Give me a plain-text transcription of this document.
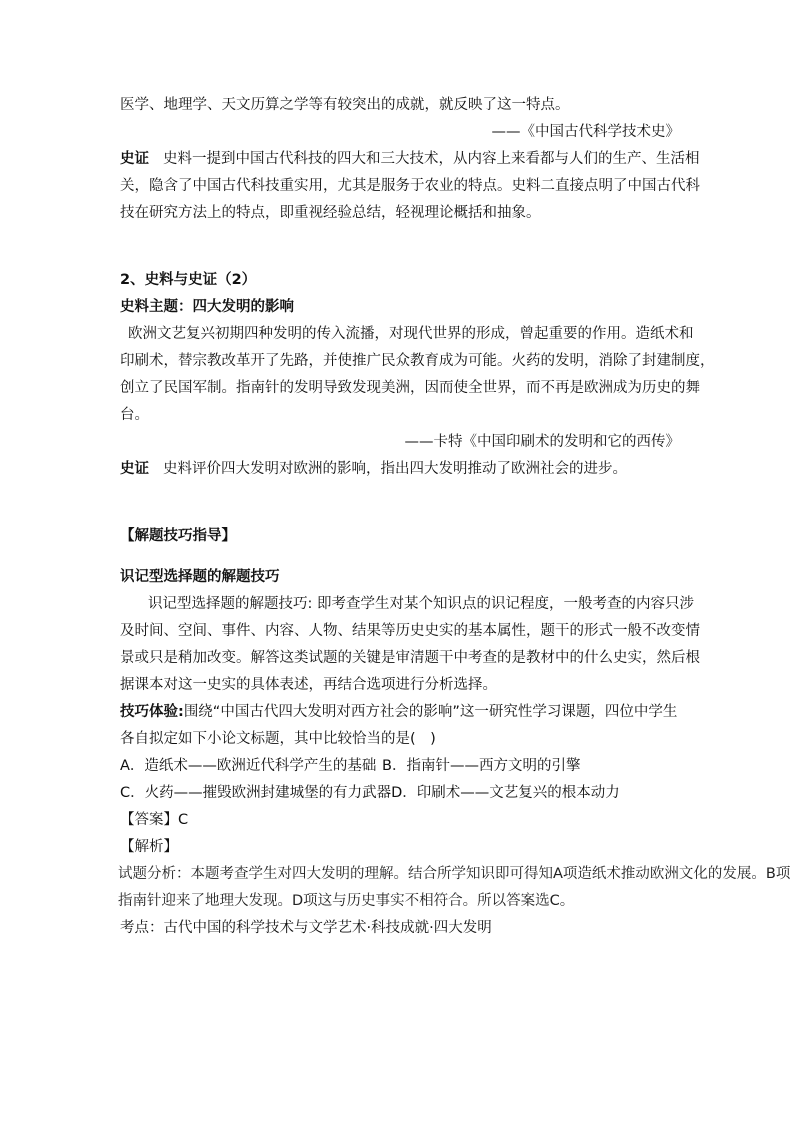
医学、地理学、天文历算之学等有较突出的成就，就反映了这一特点。
——《中国古代科学技术史》
史证 史料一提到中国古代科技的四大和三大技术，从内容上来看都与人们的生产、生活相
关，隐含了中国古代科技重实用，尤其是服务于农业的特点。史料二直接点明了中国古代科
技在研究方法上的特点，即重视经验总结，轻视理论概括和抽象。
2、史料与史证（2）
史料主题：四大发明的影响
欧洲文艺复兴初期四种发明的传入流播，对现代世界的形成，曾起重要的作用。造纸术和
印刷术，替宗教改革开了先路，并使推广民众教育成为可能。火药的发明，消除了封建制度，
创立了民国军制。指南针的发明导致发现美洲，因而使全世界，而不再是欧洲成为历史的舞
台。
——卡特《中国印刷术的发明和它的西传》
史证 史料评价四大发明对欧洲的影响，指出四大发明推动了欧洲社会的进步。
【解题技巧指导】
识记型选择题的解题技巧
识记型选择题的解题技巧: 即考查学生对某个知识点的识记程度，一般考查的内容只涉
及时间、空间、事件、内容、人物、结果等历史史实的基本属性，题干的形式一般不改变情
景或只是稍加改变。解答这类试题的关键是审清题干中考查的是教材中的什么史实，然后根
据课本对这一史实的具体表述，再结合选项进行分析选择。
技巧体验:围绕“中国古代四大发明对西方社会的影响”这一研究性学习课题，四位中学生
各自拟定如下小论文标题，其中比较恰当的是(　)
A．造纸术——欧洲近代科学产生的基础 B．指南针——西方文明的引擎
C．火药——摧毁欧洲封建城堡的有力武器D．印刷术——文艺复兴的根本动力
【答案】C
【解析】
试题分析：本题考查学生对四大发明的理解。结合所学知识即可得知A项造纸术推动欧洲文化的发展。B项
指南针迎来了地理大发现。D项这与历史事实不相符合。所以答案选C。
考点：古代中国的科学技术与文学艺术·科技成就·四大发明
